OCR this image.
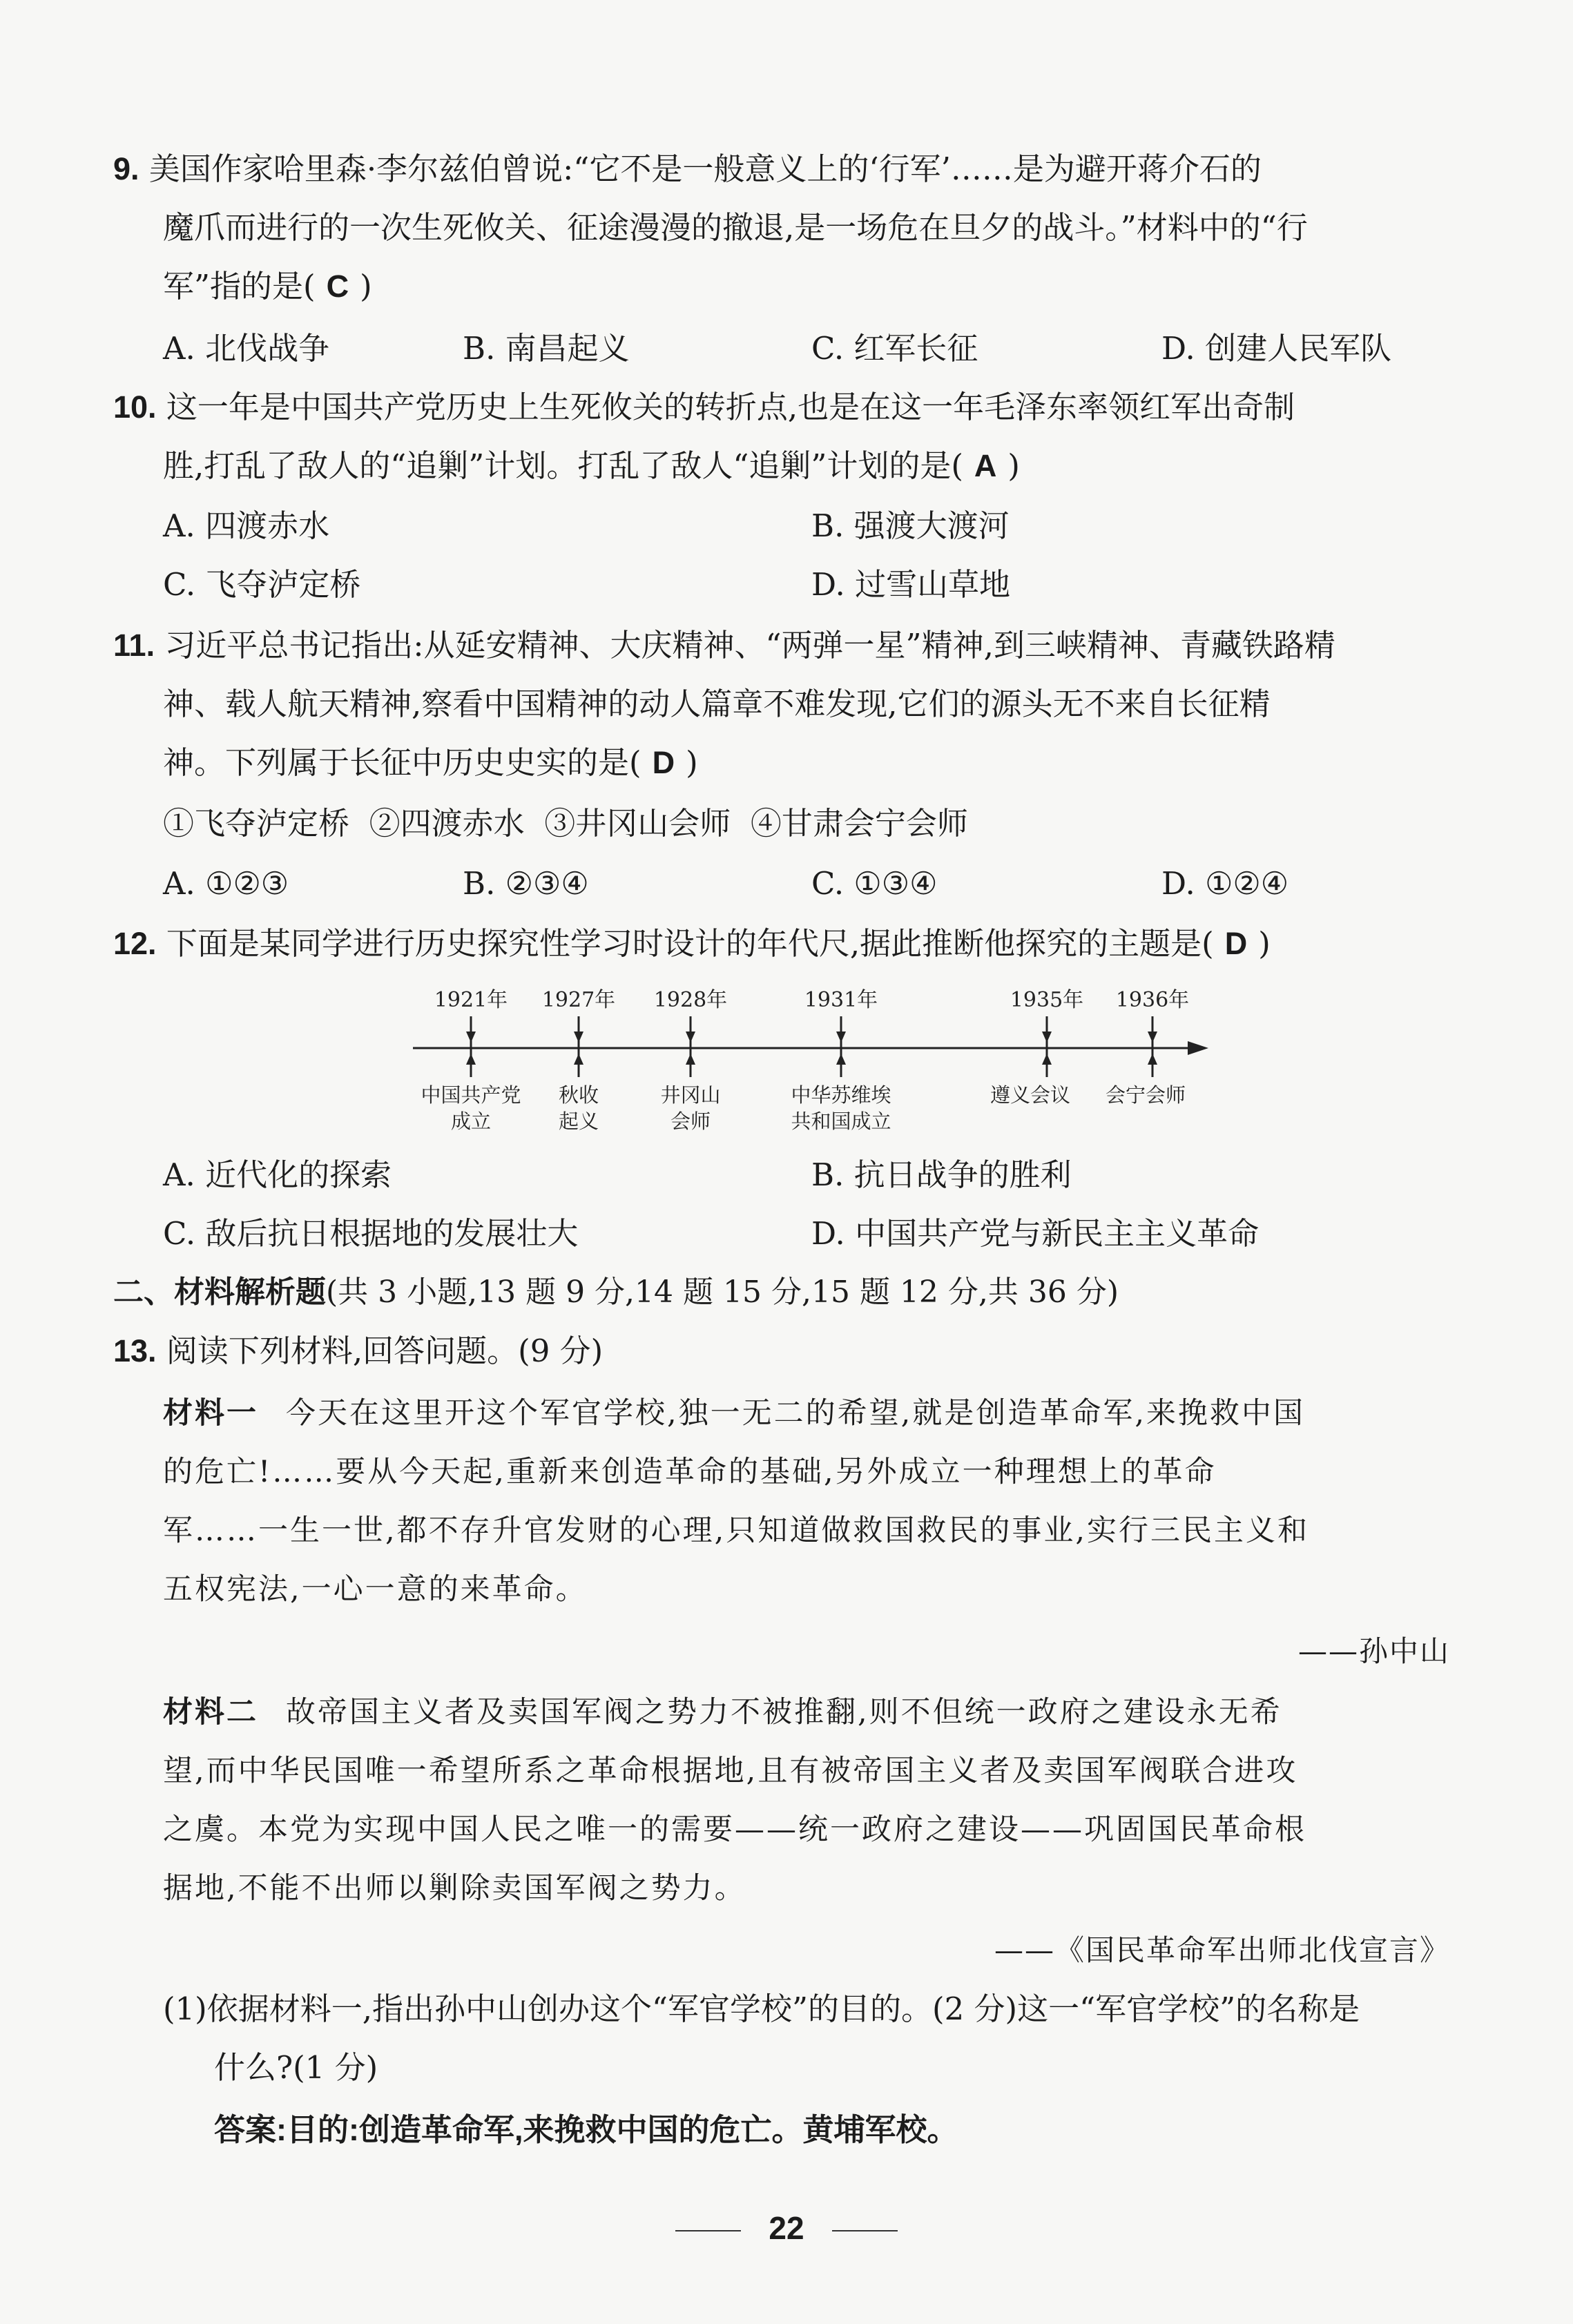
9. 美国作家哈里森·李尔兹伯曾说:“它不是一般意义上的‘行军’……是为避开蒋介石的
魔爪而进行的一次生死攸关、征途漫漫的撤退,是一场危在旦夕的战斗。”材料中的“行
军”指的是( C )
A. 北伐战争	B. 南昌起义	C. 红军长征	D. 创建人民军队
10. 这一年是中国共产党历史上生死攸关的转折点,也是在这一年毛泽东率领红军出奇制
胜,打乱了敌人的“追剿”计划。打乱了敌人“追剿”计划的是( A )
A. 四渡赤水	B. 强渡大渡河
C. 飞夺泸定桥	D. 过雪山草地
11. 习近平总书记指出:从延安精神、大庆精神、“两弹一星”精神,到三峡精神、青藏铁路精
神、载人航天精神,察看中国精神的动人篇章不难发现,它们的源头无不来自长征精
神。下列属于长征中历史史实的是( D )
①飞夺泸定桥  ②四渡赤水  ③井冈山会师  ④甘肃会宁会师
A. ①②③	B. ②③④	C. ①③④	D. ①②④
12. 下面是某同学进行历史探究性学习时设计的年代尺,据此推断他探究的主题是( D )
1921年
中国共产党
成立
1927年
秋收
起义
1928年
井冈山
会师
1931年
中华苏维埃
共和国成立
1935年
遵义会议
1936年
会宁会师
A. 近代化的探索	B. 抗日战争的胜利
C. 敌后抗日根据地的发展壮大	D. 中国共产党与新民主主义革命
二、材料解析题(共 3 小题,13 题 9 分,14 题 15 分,15 题 12 分,共 36 分)
13. 阅读下列材料,回答问题。(9 分)
材料一 今天在这里开这个军官学校,独一无二的希望,就是创造革命军,来挽救中国
的危亡!……要从今天起,重新来创造革命的基础,另外成立一种理想上的革命
军……一生一世,都不存升官发财的心理,只知道做救国救民的事业,实行三民主义和
五权宪法,一心一意的来革命。
——孙中山
材料二 故帝国主义者及卖国军阀之势力不被推翻,则不但统一政府之建设永无希
望,而中华民国唯一希望所系之革命根据地,且有被帝国主义者及卖国军阀联合进攻
之虞。本党为实现中国人民之唯一的需要——统一政府之建设——巩固国民革命根
据地,不能不出师以剿除卖国军阀之势力。
——《国民革命军出师北伐宣言》
(1)依据材料一,指出孙中山创办这个“军官学校”的目的。(2 分)这一“军官学校”的名称是
什么?(1 分)
答案:目的:创造革命军,来挽救中国的危亡。黄埔军校。
22
